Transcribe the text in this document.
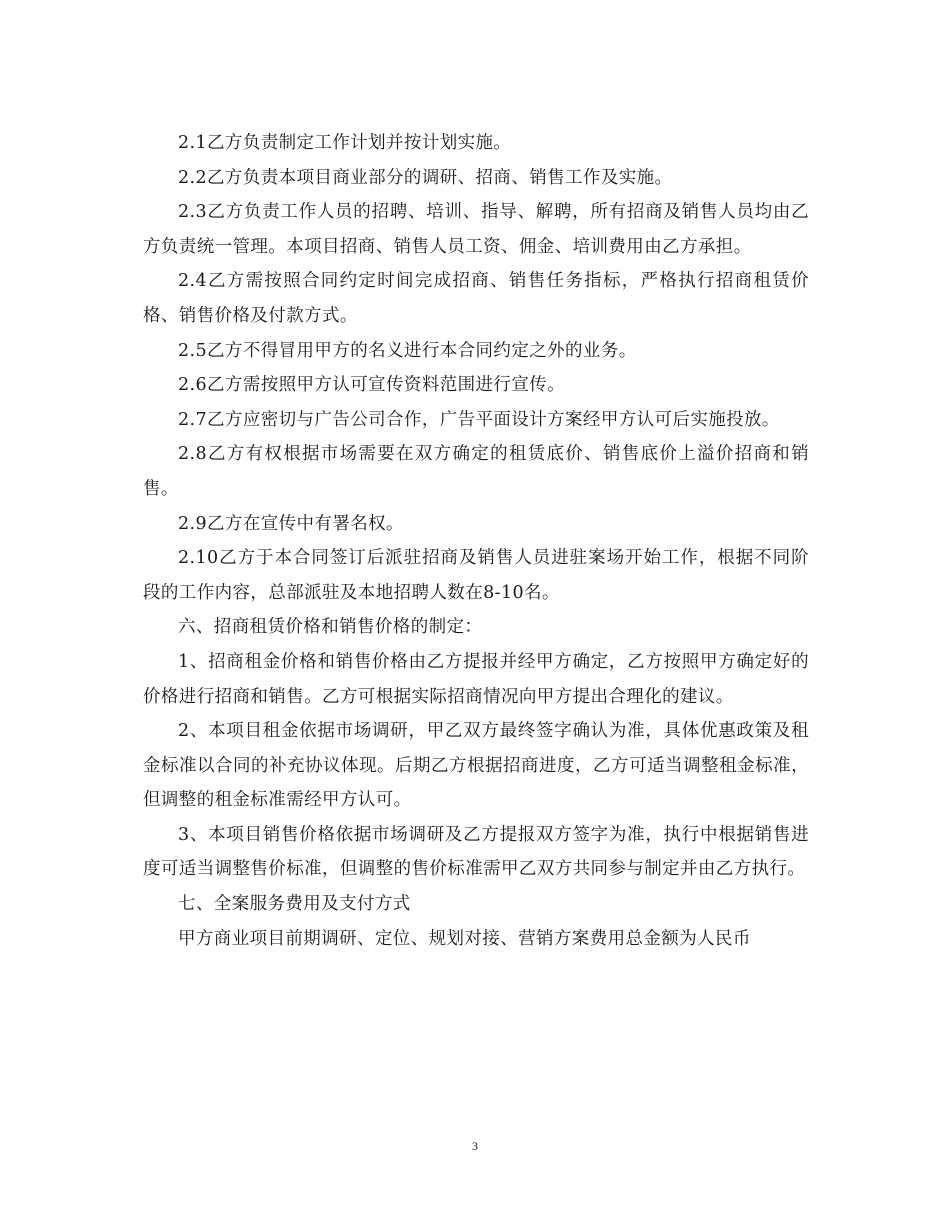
2.1乙方负责制定工作计划并按计划实施。

2.2乙方负责本项目商业部分的调研、招商、销售工作及实施。

2.3乙方负责工作人员的招聘、培训、指导、解聘，所有招商及销售人员均由乙方负责统一管理。本项目招商、销售人员工资、佣金、培训费用由乙方承担。

2.4乙方需按照合同约定时间完成招商、销售任务指标，严格执行招商租赁价格、销售价格及付款方式。

2.5乙方不得冒用甲方的名义进行本合同约定之外的业务。

2.6乙方需按照甲方认可宣传资料范围进行宣传。

2.7乙方应密切与广告公司合作，广告平面设计方案经甲方认可后实施投放。

2.8乙方有权根据市场需要在双方确定的租赁底价、销售底价上溢价招商和销售。

2.9乙方在宣传中有署名权。

2.10乙方于本合同签订后派驻招商及销售人员进驻案场开始工作，根据不同阶段的工作内容，总部派驻及本地招聘人数在8-10名。

六、招商租赁价格和销售价格的制定：

1、招商租金价格和销售价格由乙方提报并经甲方确定，乙方按照甲方确定好的价格进行招商和销售。乙方可根据实际招商情况向甲方提出合理化的建议。

2、本项目租金依据市场调研，甲乙双方最终签字确认为准，具体优惠政策及租金标准以合同的补充协议体现。后期乙方根据招商进度，乙方可适当调整租金标准，但调整的租金标准需经甲方认可。

3、本项目销售价格依据市场调研及乙方提报双方签字为准，执行中根据销售进度可适当调整售价标准，但调整的售价标准需甲乙双方共同参与制定并由乙方执行。

七、全案服务费用及支付方式

甲方商业项目前期调研、定位、规划对接、营销方案费用总金额为人民币

3
